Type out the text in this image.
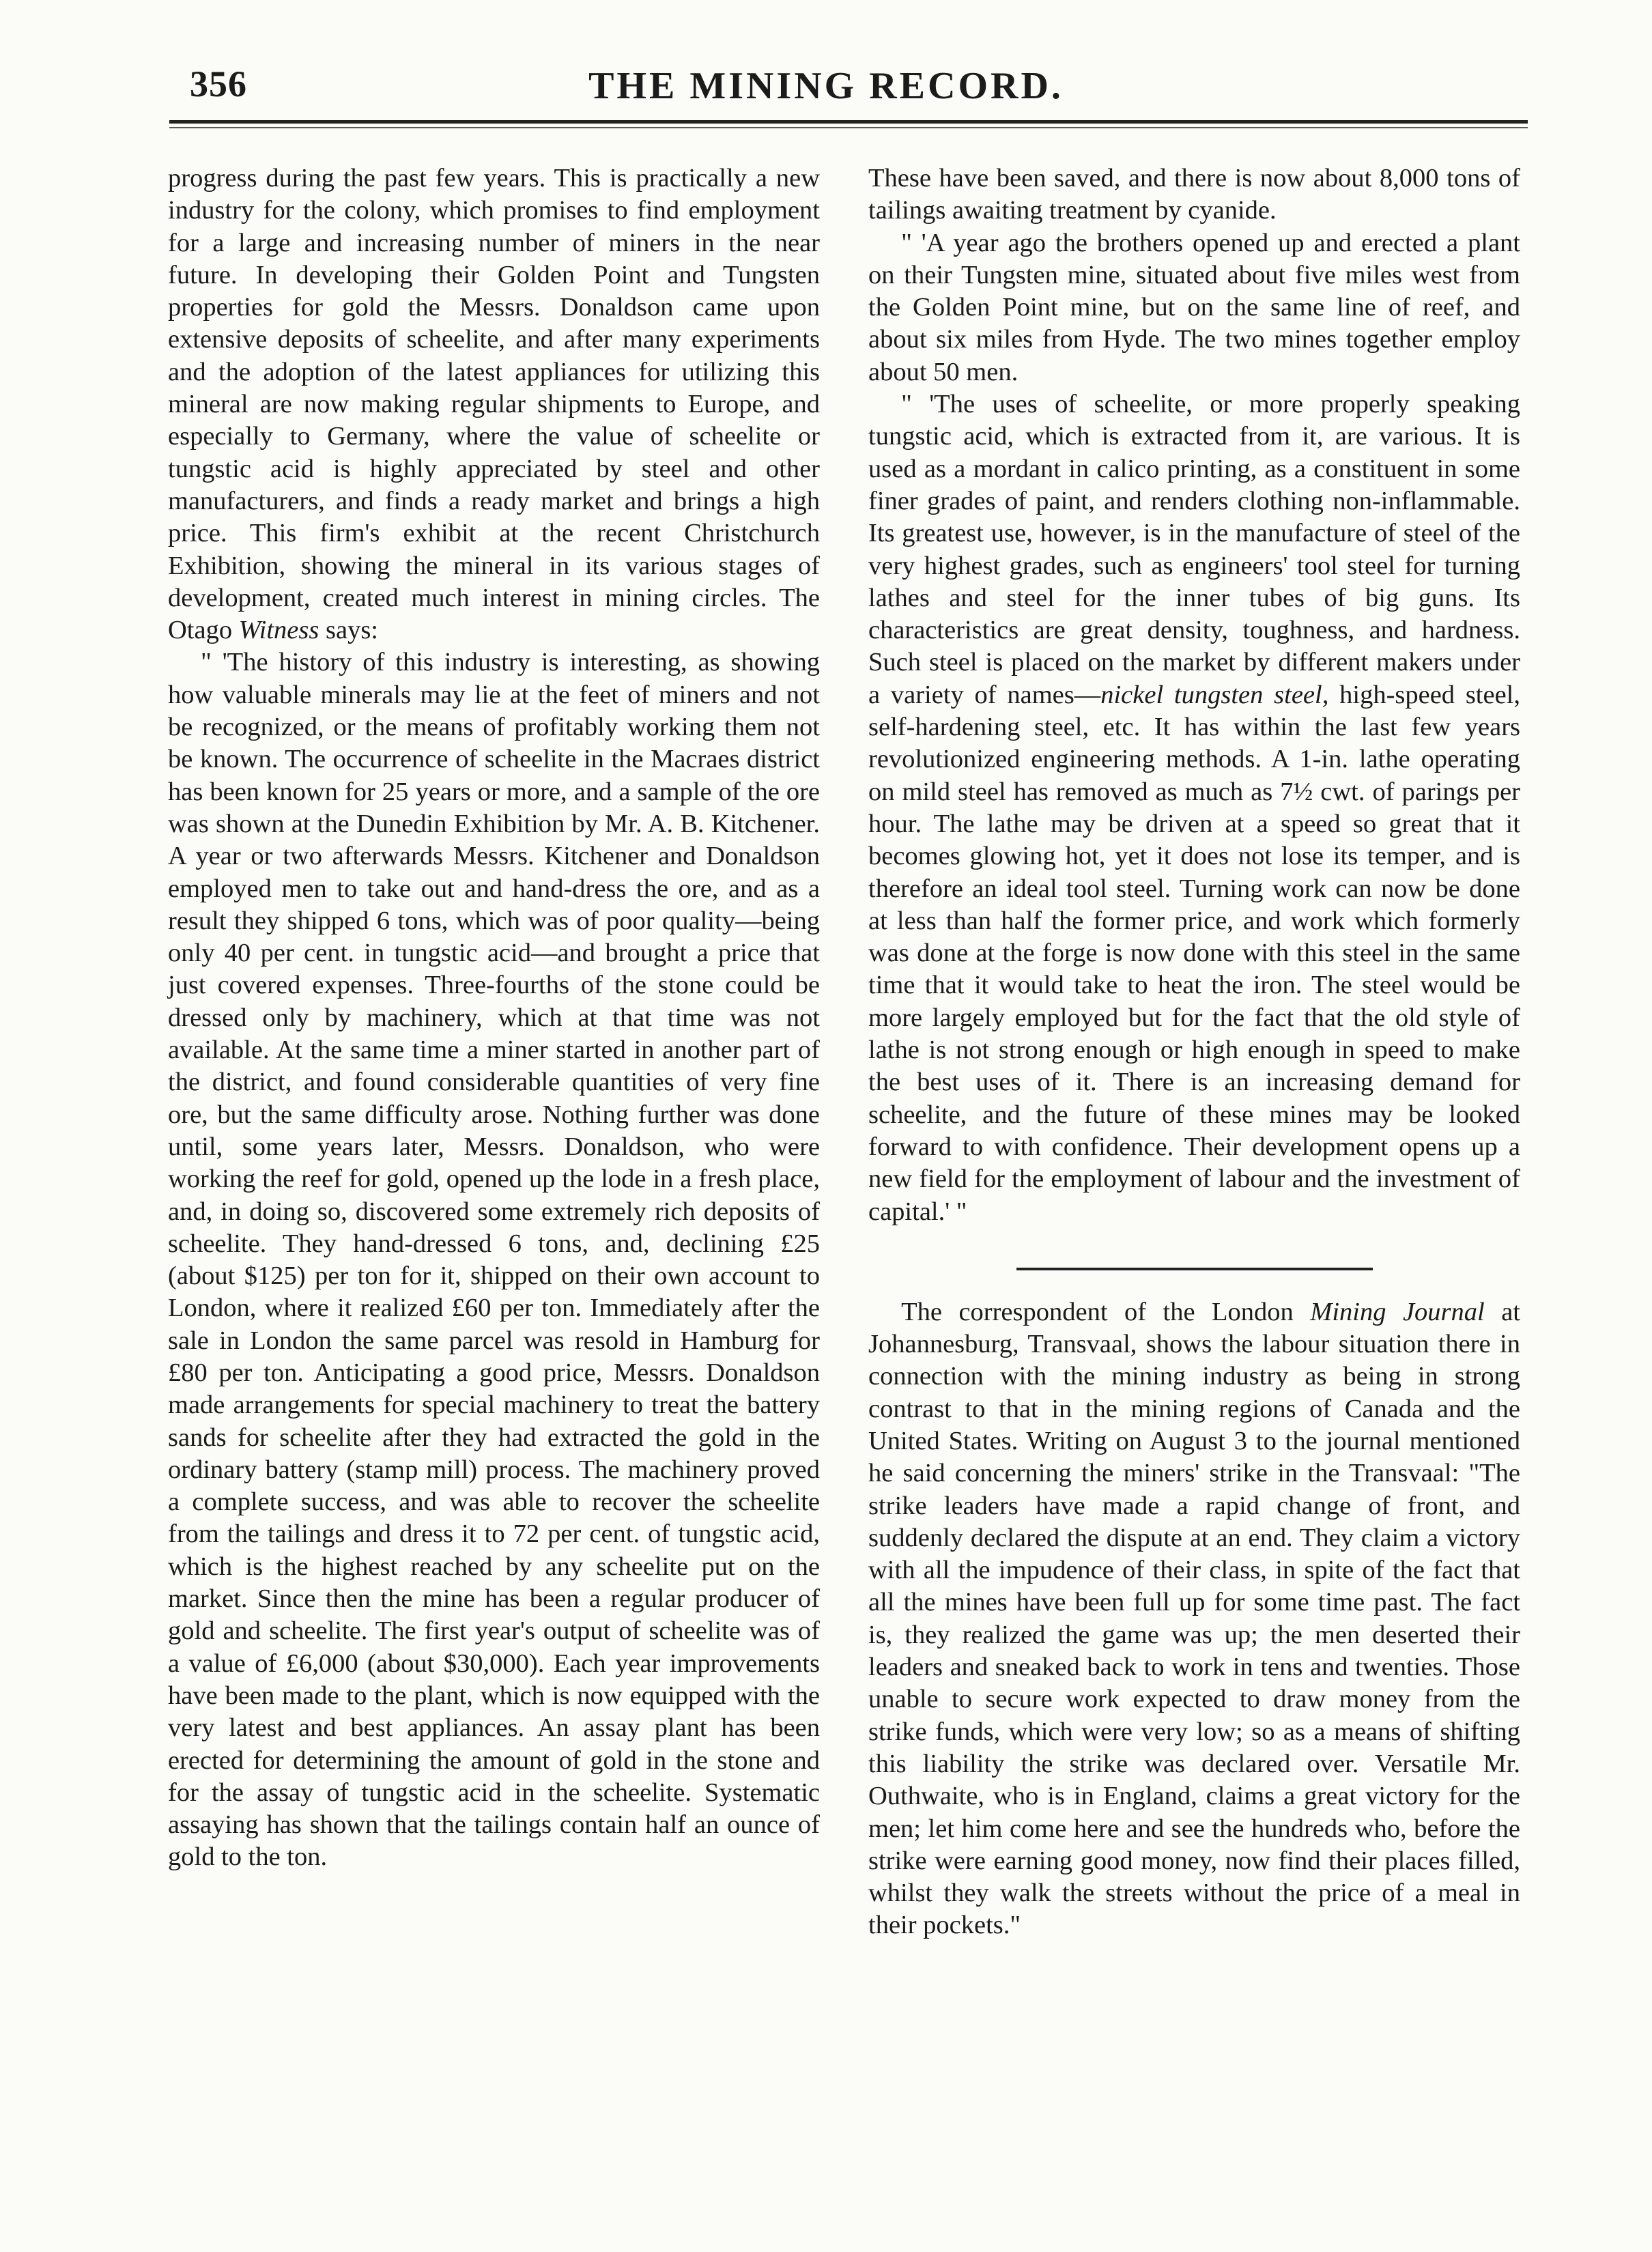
356	THE MINING RECORD.

progress during the past few years. This is practically a new industry for the colony, which promises to find employment for a large and increasing number of miners in the near future. In developing their Golden Point and Tungsten properties for gold the Messrs. Donaldson came upon extensive deposits of scheelite, and after many experiments and the adoption of the latest appliances for utilizing this mineral are now making regular shipments to Europe, and especially to Germany, where the value of scheelite or tungstic acid is highly appreciated by steel and other manufacturers, and finds a ready market and brings a high price. This firm's exhibit at the recent Christchurch Exhibition, showing the mineral in its various stages of development, created much interest in mining circles. The Otago Witness says:

" 'The history of this industry is interesting, as showing how valuable minerals may lie at the feet of miners and not be recognized, or the means of profitably working them not be known. The occurrence of scheelite in the Macraes district has been known for 25 years or more, and a sample of the ore was shown at the Dunedin Exhibition by Mr. A. B. Kitchener. A year or two afterwards Messrs. Kitchener and Donaldson employed men to take out and hand-dress the ore, and as a result they shipped 6 tons, which was of poor quality—being only 40 per cent. in tungstic acid—and brought a price that just covered expenses. Three-fourths of the stone could be dressed only by machinery, which at that time was not available. At the same time a miner started in another part of the district, and found considerable quantities of very fine ore, but the same difficulty arose. Nothing further was done until, some years later, Messrs. Donaldson, who were working the reef for gold, opened up the lode in a fresh place, and, in doing so, discovered some extremely rich deposits of scheelite. They hand-dressed 6 tons, and, declining £25 (about $125) per ton for it, shipped on their own account to London, where it realized £60 per ton. Immediately after the sale in London the same parcel was resold in Hamburg for £80 per ton. Anticipating a good price, Messrs. Donaldson made arrangements for special machinery to treat the battery sands for scheelite after they had extracted the gold in the ordinary battery (stamp mill) process. The machinery proved a complete success, and was able to recover the scheelite from the tailings and dress it to 72 per cent. of tungstic acid, which is the highest reached by any scheelite put on the market. Since then the mine has been a regular producer of gold and scheelite. The first year's output of scheelite was of a value of £6,000 (about $30,000). Each year improvements have been made to the plant, which is now equipped with the very latest and best appliances. An assay plant has been erected for determining the amount of gold in the stone and for the assay of tungstic acid in the scheelite. Systematic assaying has shown that the tailings contain half an ounce of gold to the ton.

These have been saved, and there is now about 8,000 tons of tailings awaiting treatment by cyanide.

" 'A year ago the brothers opened up and erected a plant on their Tungsten mine, situated about five miles west from the Golden Point mine, but on the same line of reef, and about six miles from Hyde. The two mines together employ about 50 men.

" 'The uses of scheelite, or more properly speaking tungstic acid, which is extracted from it, are various. It is used as a mordant in calico printing, as a constituent in some finer grades of paint, and renders clothing non-inflammable. Its greatest use, however, is in the manufacture of steel of the very highest grades, such as engineers' tool steel for turning lathes and steel for the inner tubes of big guns. Its characteristics are great density, toughness, and hardness. Such steel is placed on the market by different makers under a variety of names—nickel tungsten steel, high-speed steel, self-hardening steel, etc. It has within the last few years revolutionized engineering methods. A 1-in. lathe operating on mild steel has removed as much as 7½ cwt. of parings per hour. The lathe may be driven at a speed so great that it becomes glowing hot, yet it does not lose its temper, and is therefore an ideal tool steel. Turning work can now be done at less than half the former price, and work which formerly was done at the forge is now done with this steel in the same time that it would take to heat the iron. The steel would be more largely employed but for the fact that the old style of lathe is not strong enough or high enough in speed to make the best uses of it. There is an increasing demand for scheelite, and the future of these mines may be looked forward to with confidence. Their development opens up a new field for the employment of labour and the investment of capital.' "

The correspondent of the London Mining Journal at Johannesburg, Transvaal, shows the labour situation there in connection with the mining industry as being in strong contrast to that in the mining regions of Canada and the United States. Writing on August 3 to the journal mentioned he said concerning the miners' strike in the Transvaal: "The strike leaders have made a rapid change of front, and suddenly declared the dispute at an end. They claim a victory with all the impudence of their class, in spite of the fact that all the mines have been full up for some time past. The fact is, they realized the game was up; the men deserted their leaders and sneaked back to work in tens and twenties. Those unable to secure work expected to draw money from the strike funds, which were very low; so as a means of shifting this liability the strike was declared over. Versatile Mr. Outhwaite, who is in England, claims a great victory for the men; let him come here and see the hundreds who, before the strike were earning good money, now find their places filled, whilst they walk the streets without the price of a meal in their pockets."
